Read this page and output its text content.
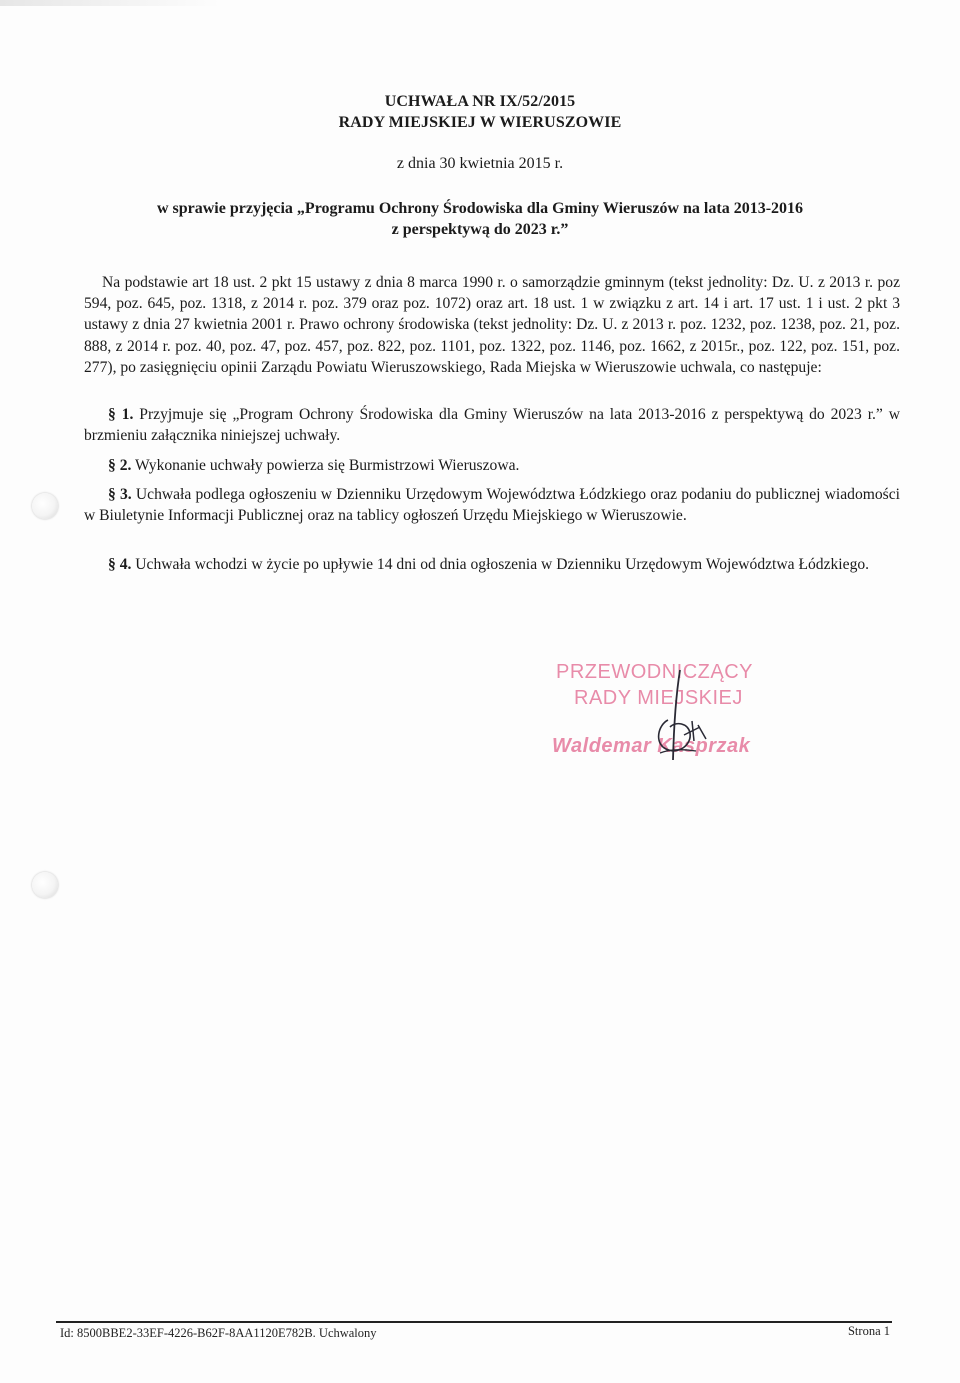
UCHWAŁA NR IX/52/2015
RADY MIEJSKIEJ W WIERUSZOWIE
z dnia 30 kwietnia 2015 r.
w sprawie przyjęcia „Programu Ochrony Środowiska dla Gminy Wieruszów na lata 2013-2016
z perspektywą do 2023 r.”
Na podstawie art 18 ust. 2 pkt 15 ustawy z dnia 8 marca 1990 r. o samorządzie gminnym (tekst jednolity: Dz. U. z 2013 r. poz 594, poz. 645, poz. 1318, z 2014 r. poz. 379 oraz poz. 1072) oraz art. 18 ust. 1 w związku z art. 14 i art. 17 ust. 1 i ust. 2 pkt 3 ustawy z dnia 27 kwietnia 2001 r. Prawo ochrony środowiska (tekst jednolity: Dz. U. z 2013 r. poz. 1232, poz. 1238, poz. 21, poz. 888, z 2014 r. poz. 40, poz. 47, poz. 457, poz. 822, poz. 1101, poz. 1322, poz. 1146, poz. 1662, z 2015r., poz. 122, poz. 151, poz. 277), po zasięgnięciu opinii Zarządu Powiatu Wieruszowskiego, Rada Miejska w Wieruszowie uchwala, co następuje:
§ 1. Przyjmuje się „Program Ochrony Środowiska dla Gminy Wieruszów na lata 2013-2016 z perspektywą do 2023 r.” w brzmieniu załącznika niniejszej uchwały.
§ 2. Wykonanie uchwały powierza się Burmistrzowi Wieruszowa.
§ 3. Uchwała podlega ogłoszeniu w Dzienniku Urzędowym Województwa Łódzkiego oraz podaniu do publicznej wiadomości w Biuletynie Informacji Publicznej oraz na tablicy ogłoszeń Urzędu Miejskiego w Wieruszowie.
§ 4. Uchwała wchodzi w życie po upływie 14 dni od dnia ogłoszenia w Dzienniku Urzędowym Województwa Łódzkiego.
PRZEWODNICZĄCY
RADY MIEJSKIEJ
Waldemar Kasprzak
Id: 8500BBE2-33EF-4226-B62F-8AA1120E782B. Uchwalony	Strona 1
